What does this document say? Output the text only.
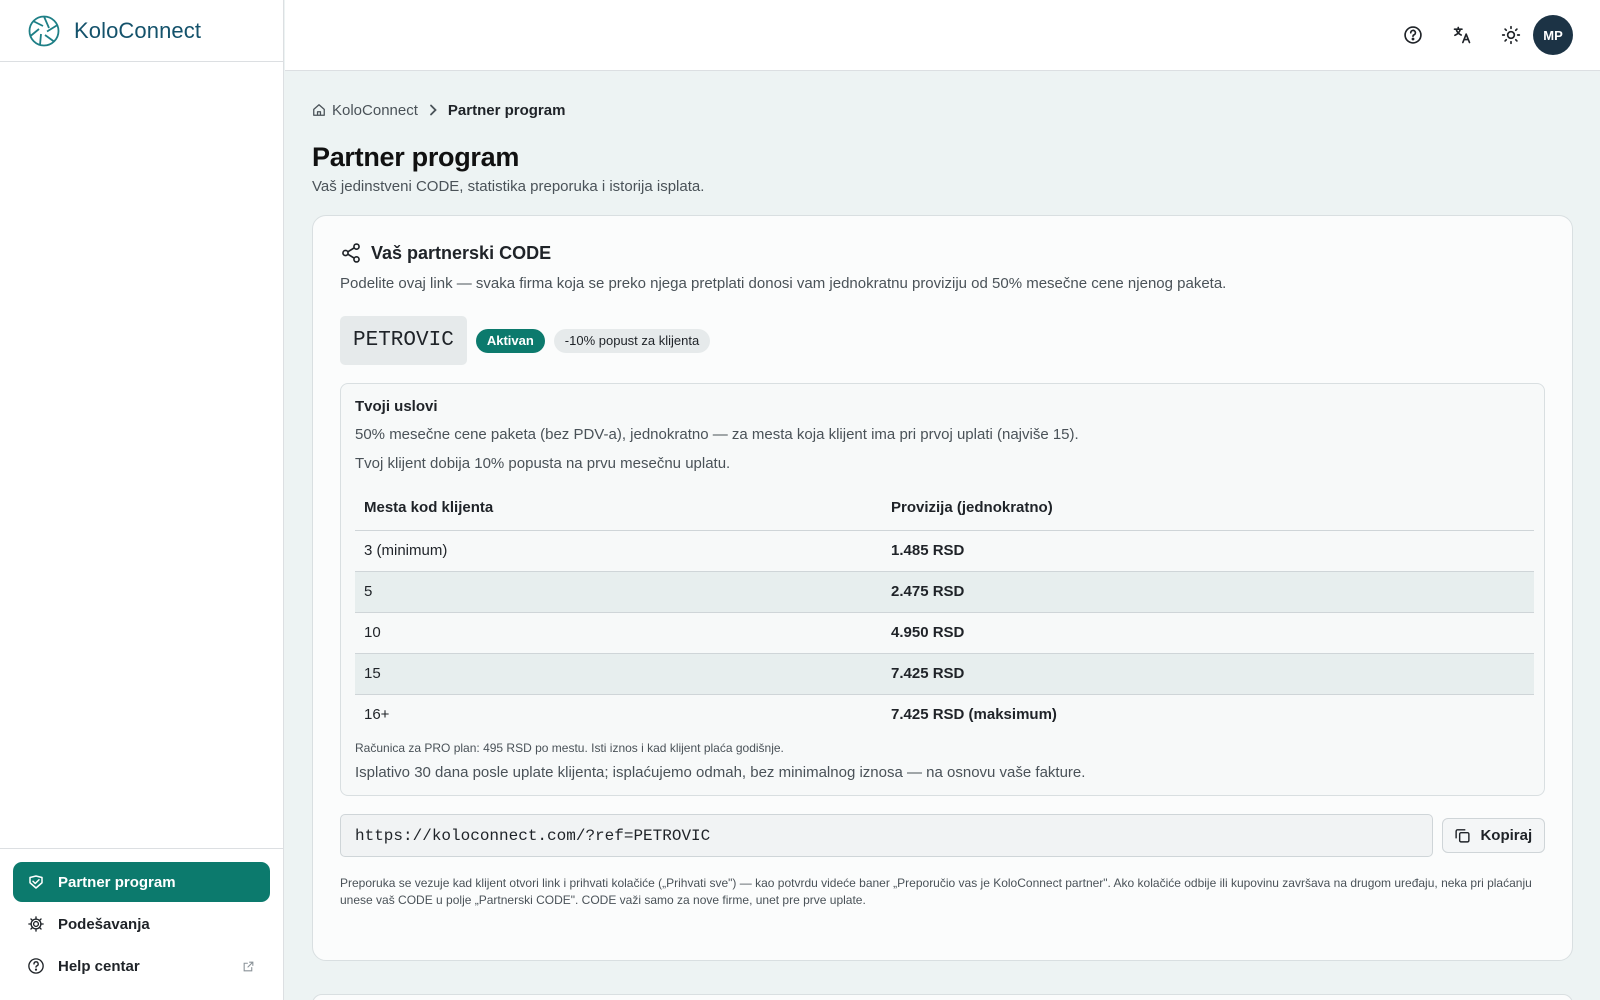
KoloConnect
Partner program
Podešavanja
Help centar
MP
KoloConnect Partner program
Partner program

Vaš jedinstveni CODE, statistika preporuka i istorija isplata.

Vaš partnerski CODE

Podelite ovaj link — svaka firma koja se preko njega pretplati donosi vam jednokratnu proviziju od 50% mesečne cene njenog paketa.

PETROVIC	Aktivan	-10% popust za klijenta
Tvoji uslovi

50% mesečne cene paketa (bez PDV-a), jednokratno — za mesta koja klijent ima pri prvoj uplati (najviše 15).

Tvoj klijent dobija 10% popusta na prvu mesečnu uplatu.

Mesta kod klijenta	Provizija (jednokratno)
3 (minimum)	1.485 RSD
5	2.475 RSD
10	4.950 RSD
15	7.425 RSD
16+	7.425 RSD (maksimum)

Računica za PRO plan: 495 RSD po mestu. Isti iznos i kad klijent plaća godišnje.

Isplativo 30 dana posle uplate klijenta; isplaćujemo odmah, bez minimalnog iznosa — na osnovu vaše fakture.

https://koloconnect.com/?ref=PETROVIC
Kopiraj

Preporuka se vezuje kad klijent otvori link i prihvati kolačiće („Prihvati sve") — kao potvrdu videće baner „Preporučio vas je KoloConnect partner". Ako kolačiće odbije ili kupovinu završava na drugom uređaju, neka pri plaćanju unese vaš CODE u polje „Partnerski CODE". CODE važi samo za nove firme, unet pre prve uplate.
